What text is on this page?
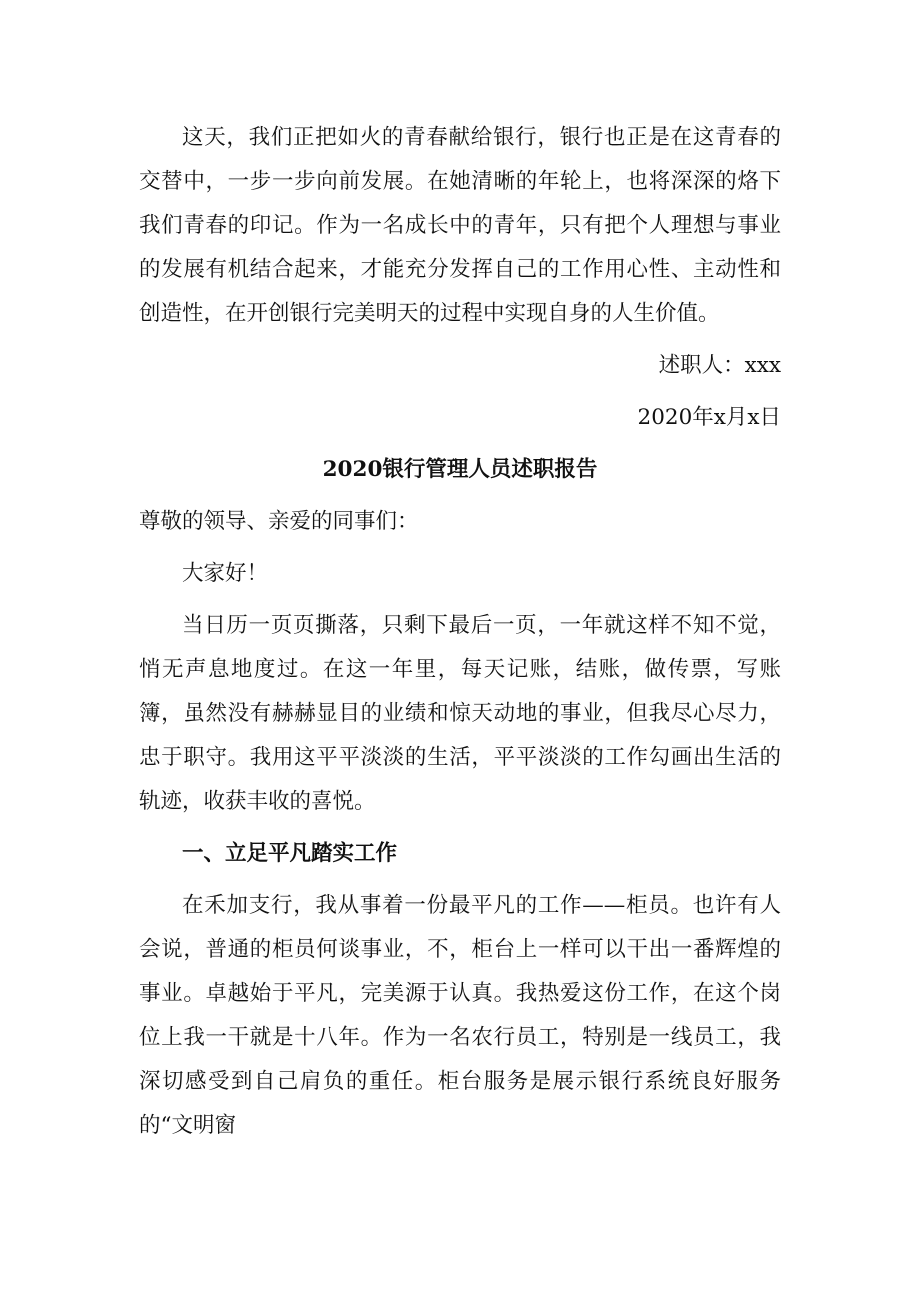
这天，我们正把如火的青春献给银行，银行也正是在这青春的交替中，一步一步向前发展。在她清晰的年轮上，也将深深的烙下我们青春的印记。作为一名成长中的青年，只有把个人理想与事业的发展有机结合起来，才能充分发挥自己的工作用心性、主动性和创造性，在开创银行完美明天的过程中实现自身的人生价值。

述职人：xxx

2020年x月x日

2020银行管理人员述职报告

尊敬的领导、亲爱的同事们：

大家好！

当日历一页页撕落，只剩下最后一页，一年就这样不知不觉，悄无声息地度过。在这一年里，每天记账，结账，做传票，写账簿，虽然没有赫赫显目的业绩和惊天动地的事业，但我尽心尽力，忠于职守。我用这平平淡淡的生活，平平淡淡的工作勾画出生活的轨迹，收获丰收的喜悦。

一、立足平凡踏实工作

在禾加支行，我从事着一份最平凡的工作——柜员。也许有人会说，普通的柜员何谈事业，不，柜台上一样可以干出一番辉煌的事业。卓越始于平凡，完美源于认真。我热爱这份工作，在这个岗位上我一干就是十八年。作为一名农行员工，特别是一线员工，我深切感受到自己肩负的重任。柜台服务是展示银行系统良好服务的“文明窗
